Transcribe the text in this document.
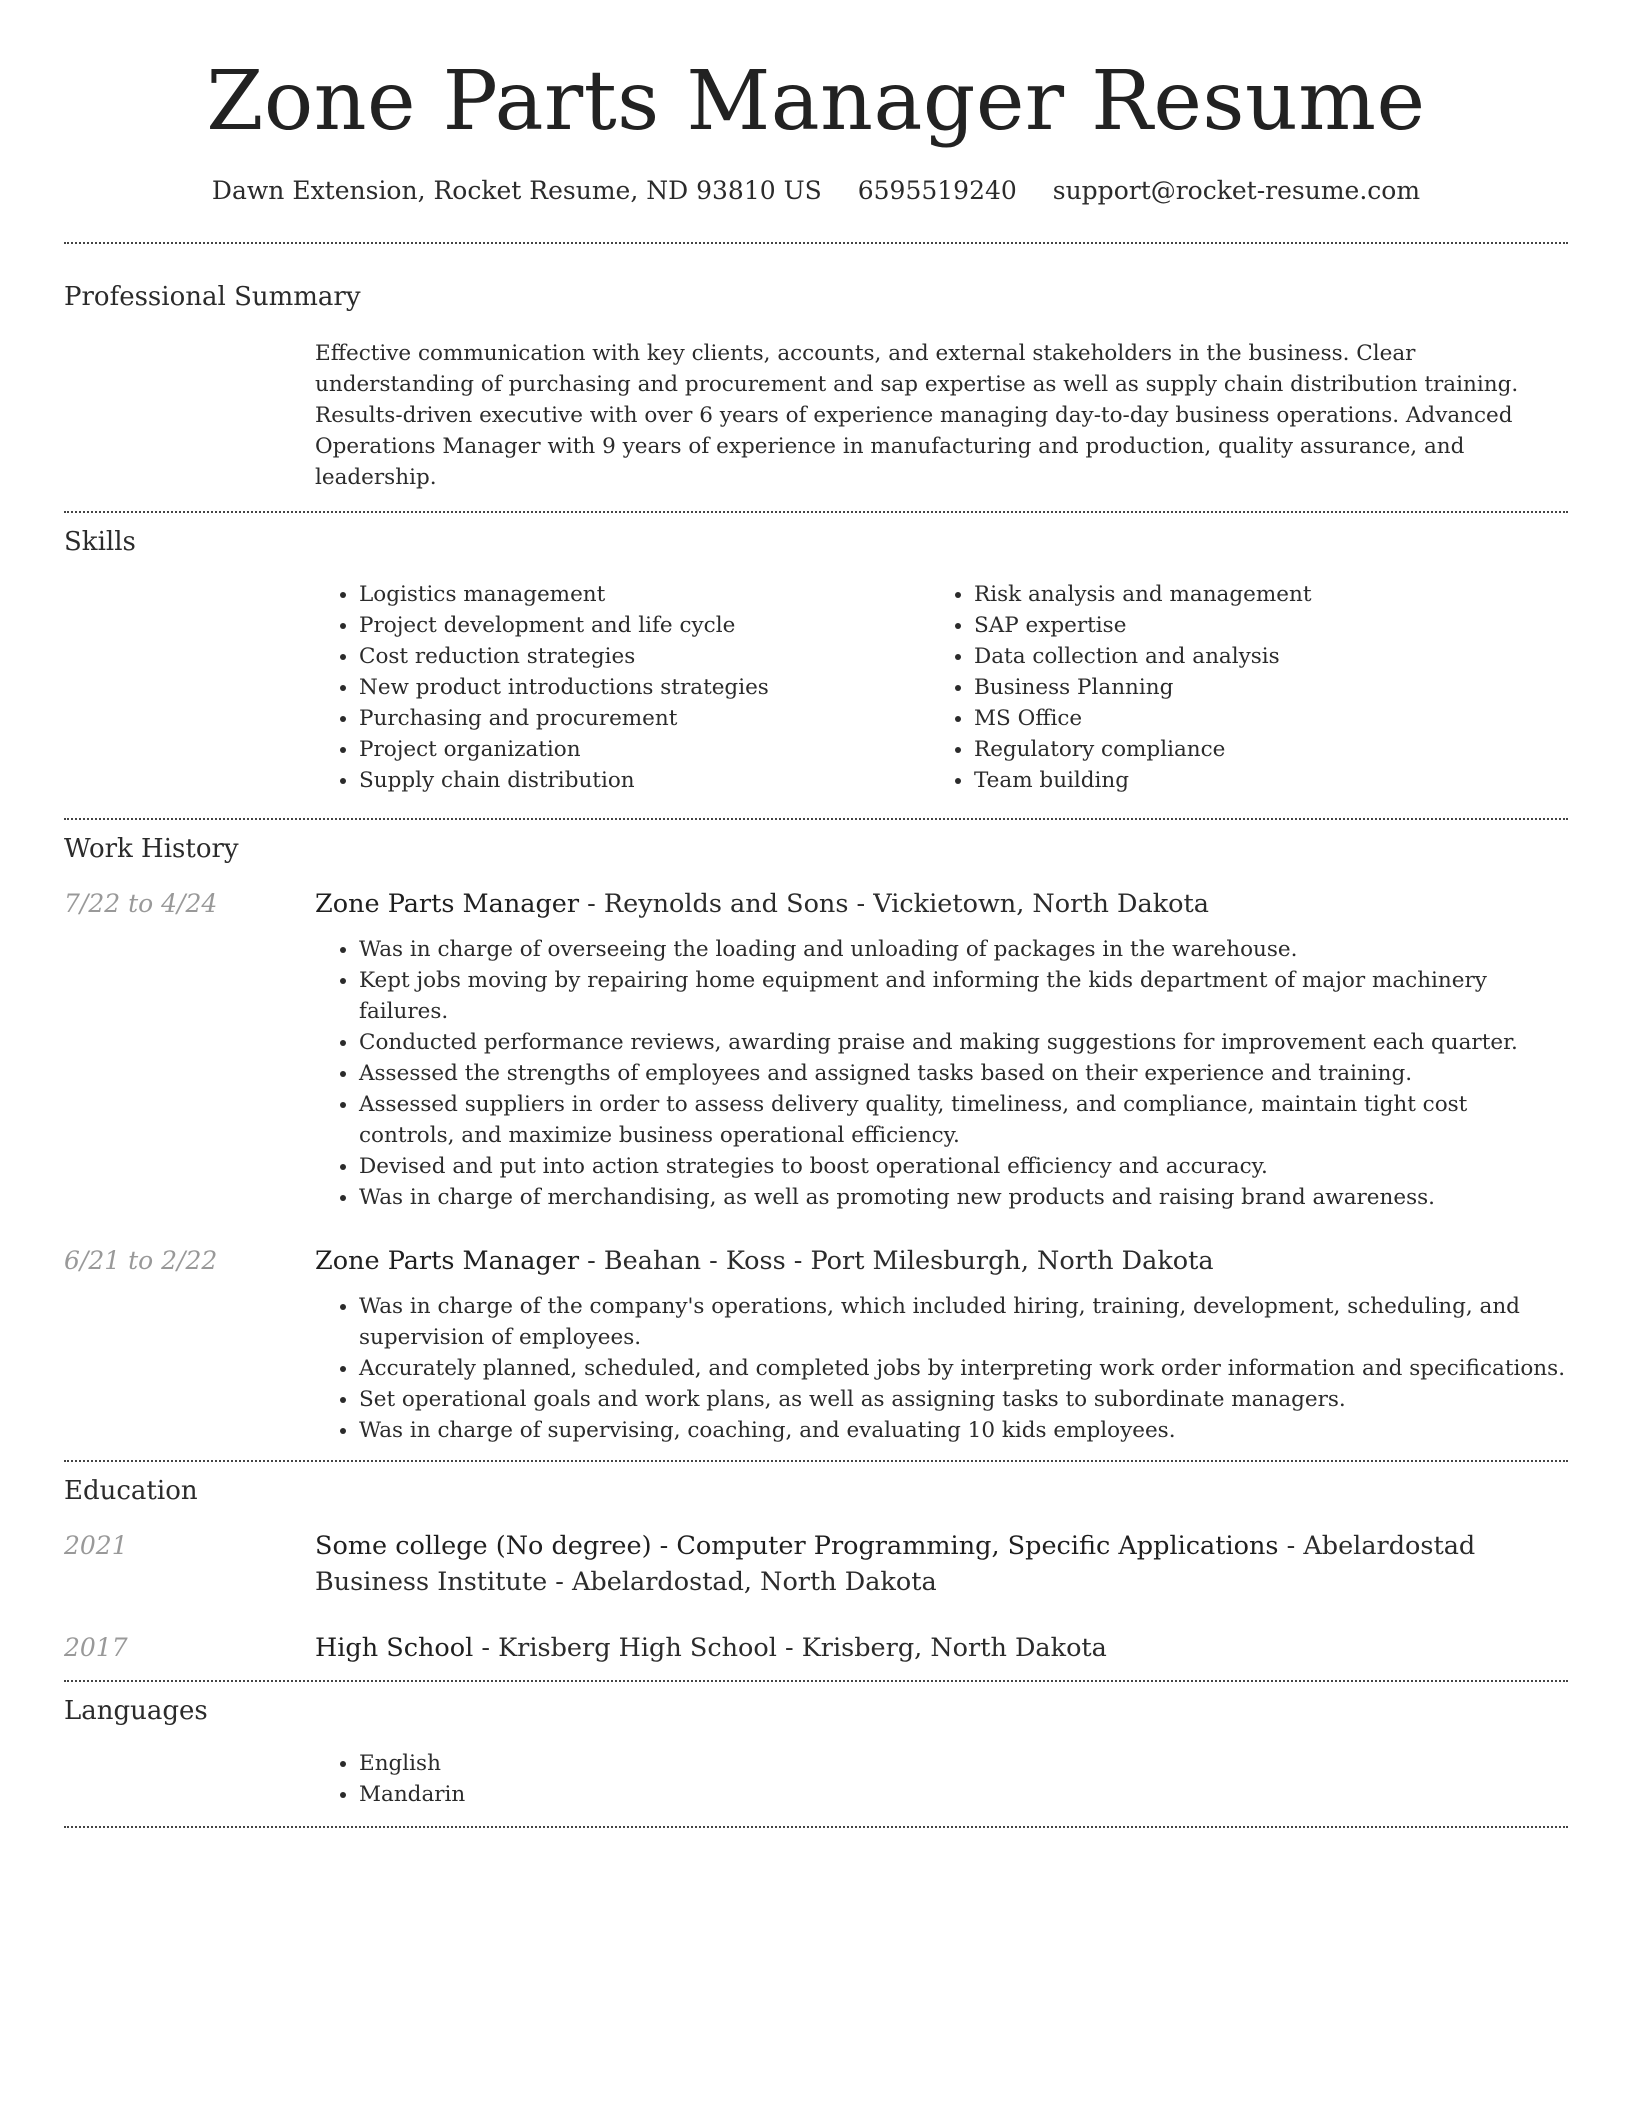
Zone Parts Manager Resume
Dawn Extension, Rocket Resume, ND 93810 US 6595519240 support@rocket-resume.com
Professional Summary
Effective communication with key clients, accounts, and external stakeholders in the business. Clear understanding of purchasing and procurement and sap expertise as well as supply chain distribution training. Results-driven executive with over 6 years of experience managing day-to-day business operations. Advanced Operations Manager with 9 years of experience in manufacturing and production, quality assurance, and leadership.
Skills
• Logistics management
• Project development and life cycle
• Cost reduction strategies
• New product introductions strategies
• Purchasing and procurement
• Project organization
• Supply chain distribution
• Risk analysis and management
• SAP expertise
• Data collection and analysis
• Business Planning
• MS Office
• Regulatory compliance
• Team building
Work History
7/22 to 4/24	Zone Parts Manager - Reynolds and Sons - Vickietown, North Dakota
• Was in charge of overseeing the loading and unloading of packages in the warehouse.
• Kept jobs moving by repairing home equipment and informing the kids department of major machinery failures.
• Conducted performance reviews, awarding praise and making suggestions for improvement each quarter.
• Assessed the strengths of employees and assigned tasks based on their experience and training.
• Assessed suppliers in order to assess delivery quality, timeliness, and compliance, maintain tight cost controls, and maximize business operational efficiency.
• Devised and put into action strategies to boost operational efficiency and accuracy.
• Was in charge of merchandising, as well as promoting new products and raising brand awareness.
6/21 to 2/22	Zone Parts Manager - Beahan - Koss - Port Milesburgh, North Dakota
• Was in charge of the company's operations, which included hiring, training, development, scheduling, and supervision of employees.
• Accurately planned, scheduled, and completed jobs by interpreting work order information and specifications.
• Set operational goals and work plans, as well as assigning tasks to subordinate managers.
• Was in charge of supervising, coaching, and evaluating 10 kids employees.
Education
2021	Some college (No degree) - Computer Programming, Specific Applications - Abelardostad Business Institute - Abelardostad, North Dakota
2017	High School - Krisberg High School - Krisberg, North Dakota
Languages
• English
• Mandarin
